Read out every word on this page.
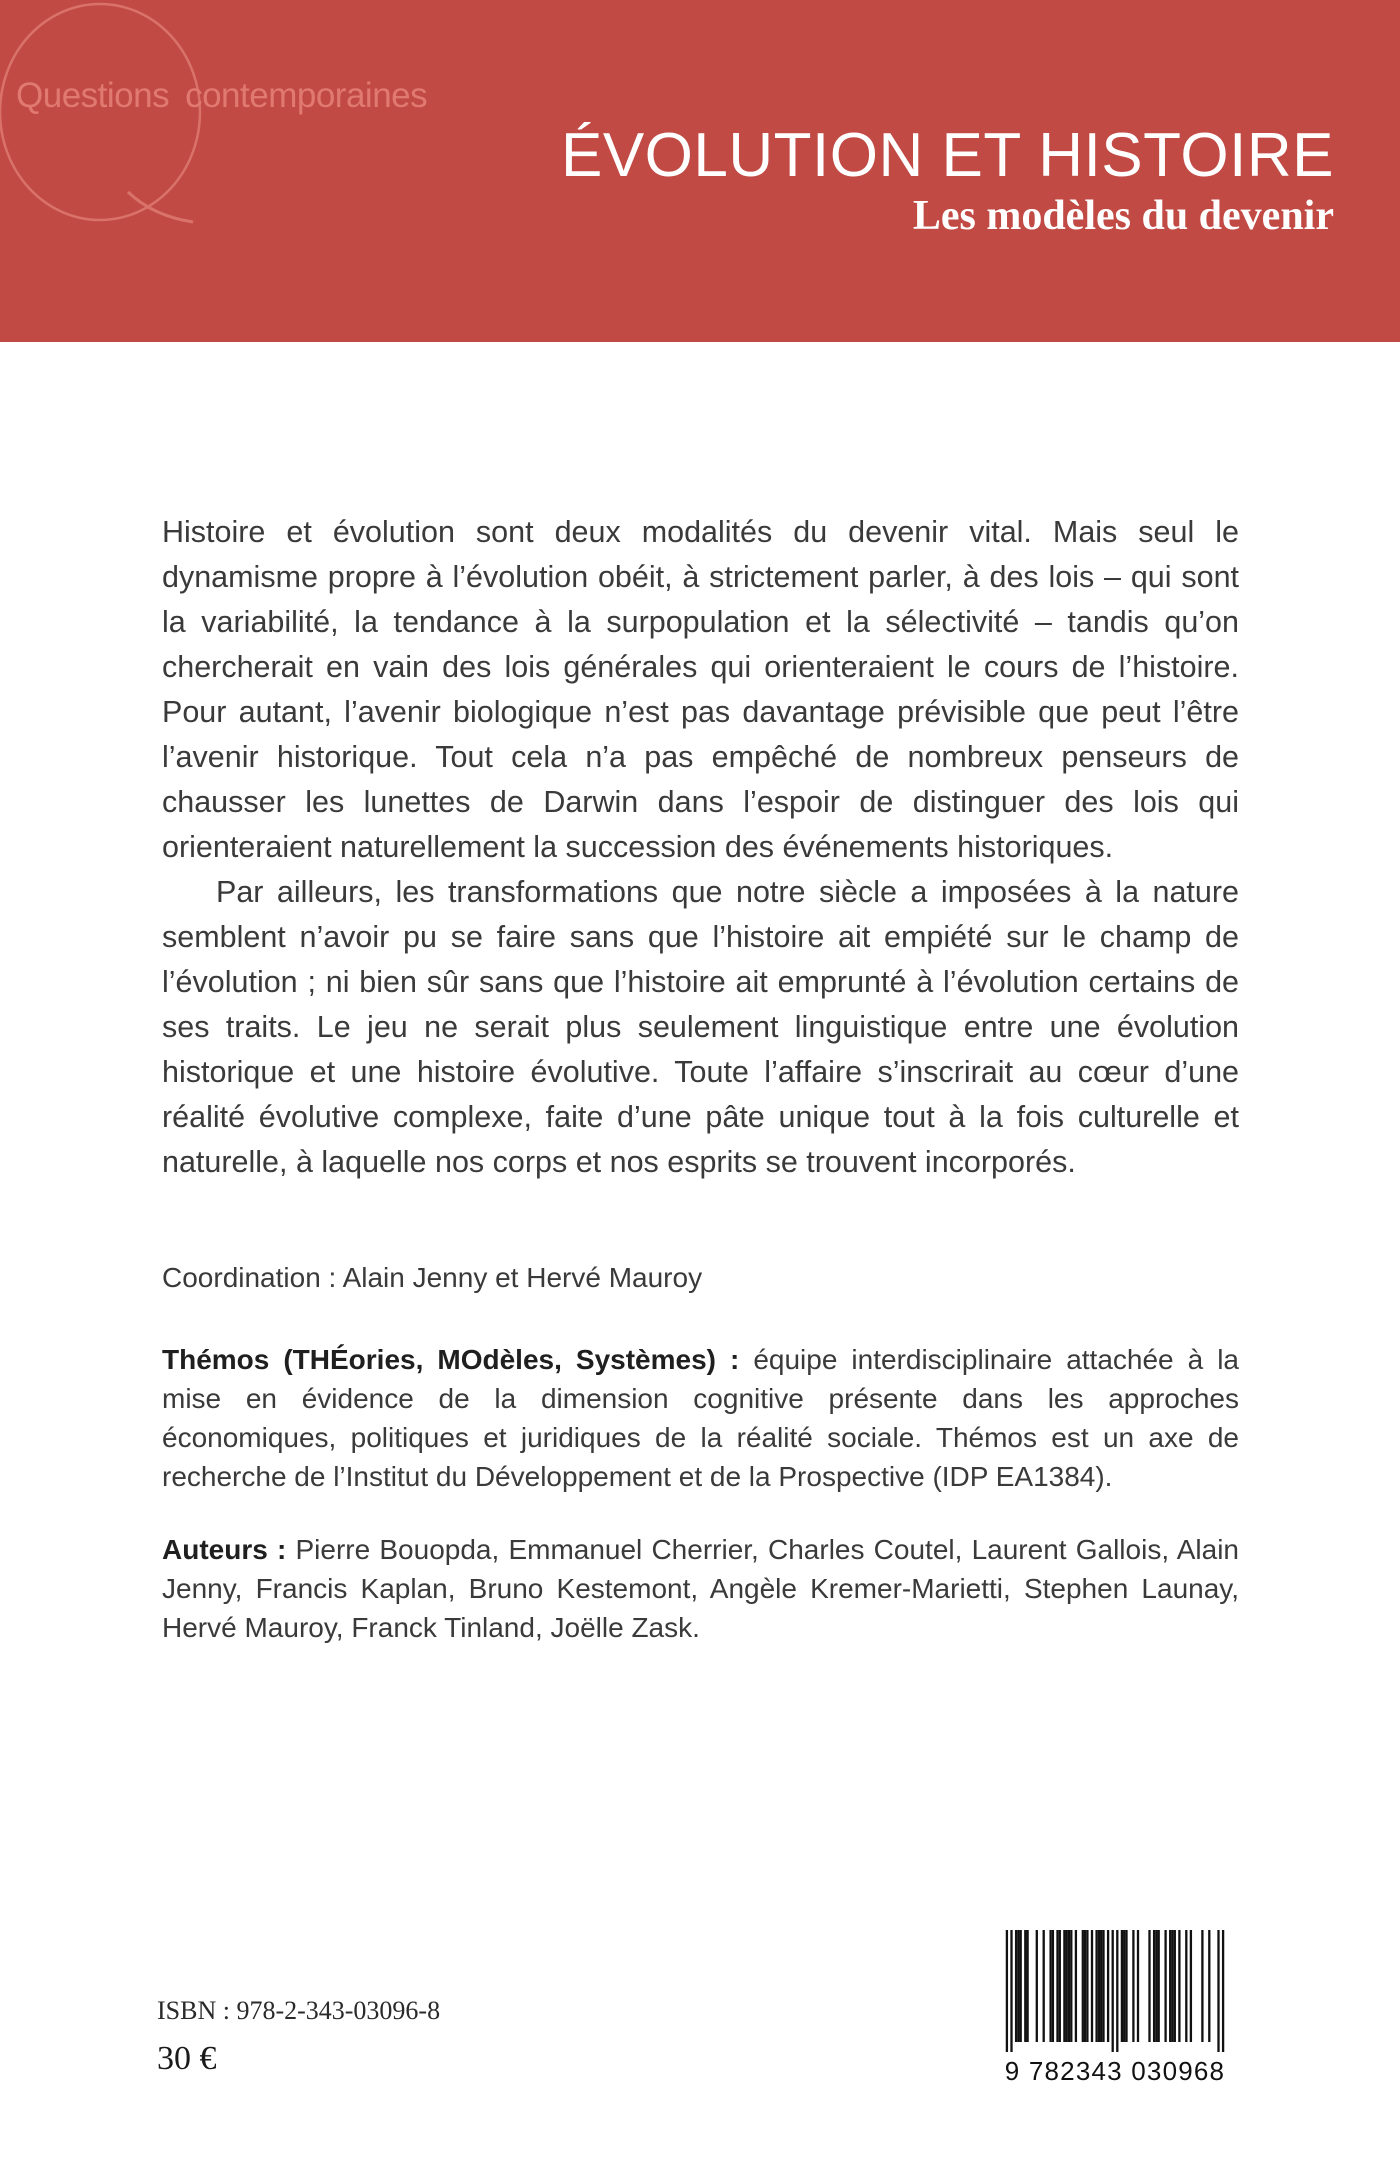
Questions contemporaines
ÉVOLUTION ET HISTOIRE
Les modèles du devenir

Histoire et évolution sont deux modalités du devenir vital. Mais seul le dynamisme propre à l’évolution obéit, à strictement parler, à des lois – qui sont la variabilité, la tendance à la surpopulation et la sélectivité – tandis qu’on chercherait en vain des lois générales qui orienteraient le cours de l’histoire. Pour autant, l’avenir biologique n’est pas davantage prévisible que peut l’être l’avenir historique. Tout cela n’a pas empêché de nombreux penseurs de chausser les lunettes de Darwin dans l’espoir de distinguer des lois qui orienteraient naturellement la succession des événements historiques.

Par ailleurs, les transformations que notre siècle a imposées à la nature semblent n’avoir pu se faire sans que l’histoire ait empiété sur le champ de l’évolution ; ni bien sûr sans que l’histoire ait emprunté à l’évolution certains de ses traits. Le jeu ne serait plus seulement linguistique entre une évolution historique et une histoire évolutive. Toute l’affaire s’inscrirait au cœur d’une réalité évolutive complexe, faite d’une pâte unique tout à la fois culturelle et naturelle, à laquelle nos corps et nos esprits se trouvent incorporés.

Coordination : Alain Jenny et Hervé Mauroy

Thémos (THÉories, MOdèles, Systèmes) : équipe interdisciplinaire attachée à la mise en évidence de la dimension cognitive présente dans les approches économiques, politiques et juridiques de la réalité sociale. Thémos est un axe de recherche de l’Institut du Développement et de la Prospective (IDP EA1384).

Auteurs : Pierre Bouopda, Emmanuel Cherrier, Charles Coutel, Laurent Gallois, Alain Jenny, Francis Kaplan, Bruno Kestemont, Angèle Kremer-Marietti, Stephen Launay, Hervé Mauroy, Franck Tinland, Joëlle Zask.

ISBN : 978-2-343-03096-8
30 €	9 782343 030968
